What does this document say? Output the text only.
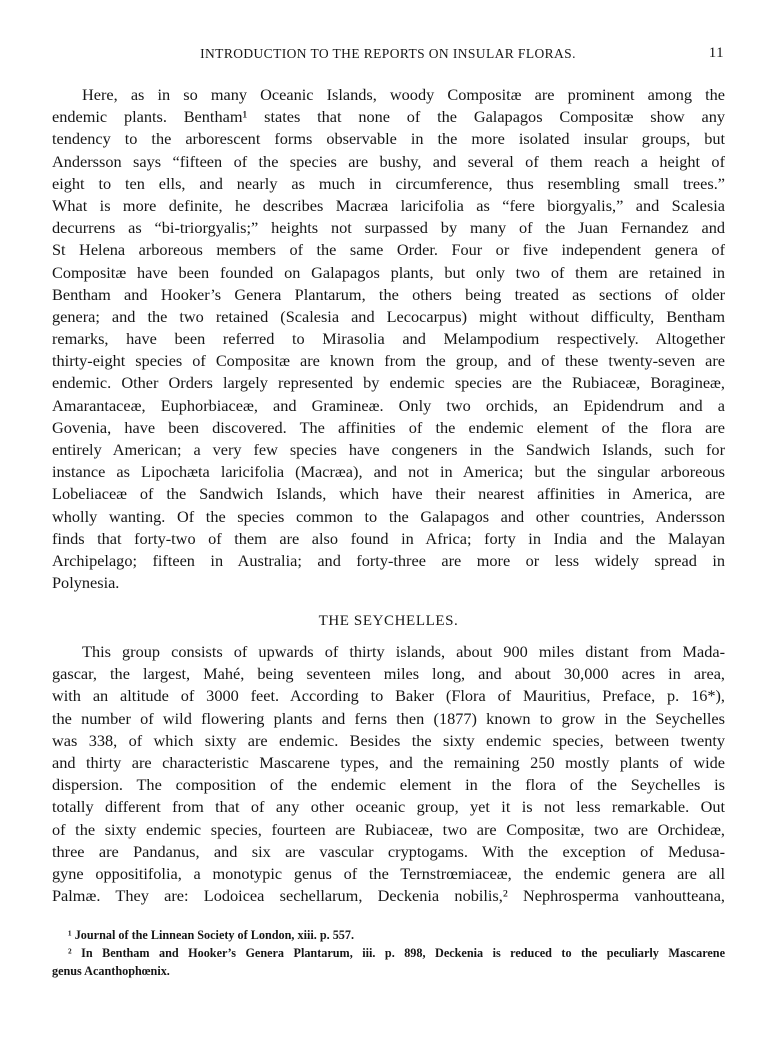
INTRODUCTION TO THE REPORTS ON INSULAR FLORAS.	11
Here, as in so many Oceanic Islands, woody Compositæ are prominent among the
endemic plants. Bentham¹ states that none of the Galapagos Compositæ show any
tendency to the arborescent forms observable in the more isolated insular groups, but
Andersson says “fifteen of the species are bushy, and several of them reach a height of
eight to ten ells, and nearly as much in circumference, thus resembling small trees.”
What is more definite, he describes Macræa laricifolia as “fere biorgyalis,” and Scalesia
decurrens as “bi-triorgyalis;” heights not surpassed by many of the Juan Fernandez and
St Helena arboreous members of the same Order. Four or five independent genera of
Compositæ have been founded on Galapagos plants, but only two of them are retained in
Bentham and Hooker’s Genera Plantarum, the others being treated as sections of older
genera; and the two retained (Scalesia and Lecocarpus) might without difficulty, Bentham
remarks, have been referred to Mirasolia and Melampodium respectively. Altogether
thirty-eight species of Compositæ are known from the group, and of these twenty-seven are
endemic. Other Orders largely represented by endemic species are the Rubiaceæ, Boragineæ,
Amarantaceæ, Euphorbiaceæ, and Gramineæ. Only two orchids, an Epidendrum and a
Govenia, have been discovered. The affinities of the endemic element of the flora are
entirely American; a very few species have congeners in the Sandwich Islands, such for
instance as Lipochæta laricifolia (Macræa), and not in America; but the singular arboreous
Lobeliaceæ of the Sandwich Islands, which have their nearest affinities in America, are
wholly wanting. Of the species common to the Galapagos and other countries, Andersson
finds that forty-two of them are also found in Africa; forty in India and the Malayan
Archipelago; fifteen in Australia; and forty-three are more or less widely spread in
Polynesia.
THE SEYCHELLES.
This group consists of upwards of thirty islands, about 900 miles distant from Mada-
gascar, the largest, Mahé, being seventeen miles long, and about 30,000 acres in area,
with an altitude of 3000 feet. According to Baker (Flora of Mauritius, Preface, p. 16*),
the number of wild flowering plants and ferns then (1877) known to grow in the Seychelles
was 338, of which sixty are endemic. Besides the sixty endemic species, between twenty
and thirty are characteristic Mascarene types, and the remaining 250 mostly plants of wide
dispersion. The composition of the endemic element in the flora of the Seychelles is
totally different from that of any other oceanic group, yet it is not less remarkable. Out
of the sixty endemic species, fourteen are Rubiaceæ, two are Compositæ, two are Orchideæ,
three are Pandanus, and six are vascular cryptogams. With the exception of Medusa-
gyne oppositifolia, a monotypic genus of the Ternstrœmiaceæ, the endemic genera are all
Palmæ. They are: Lodoicea sechellarum, Deckenia nobilis,² Nephrosperma vanhoutteana,
¹ Journal of the Linnean Society of London, xiii. p. 557.
² In Bentham and Hooker’s Genera Plantarum, iii. p. 898, Deckenia is reduced to the peculiarly Mascarene
genus Acanthophœnix.
